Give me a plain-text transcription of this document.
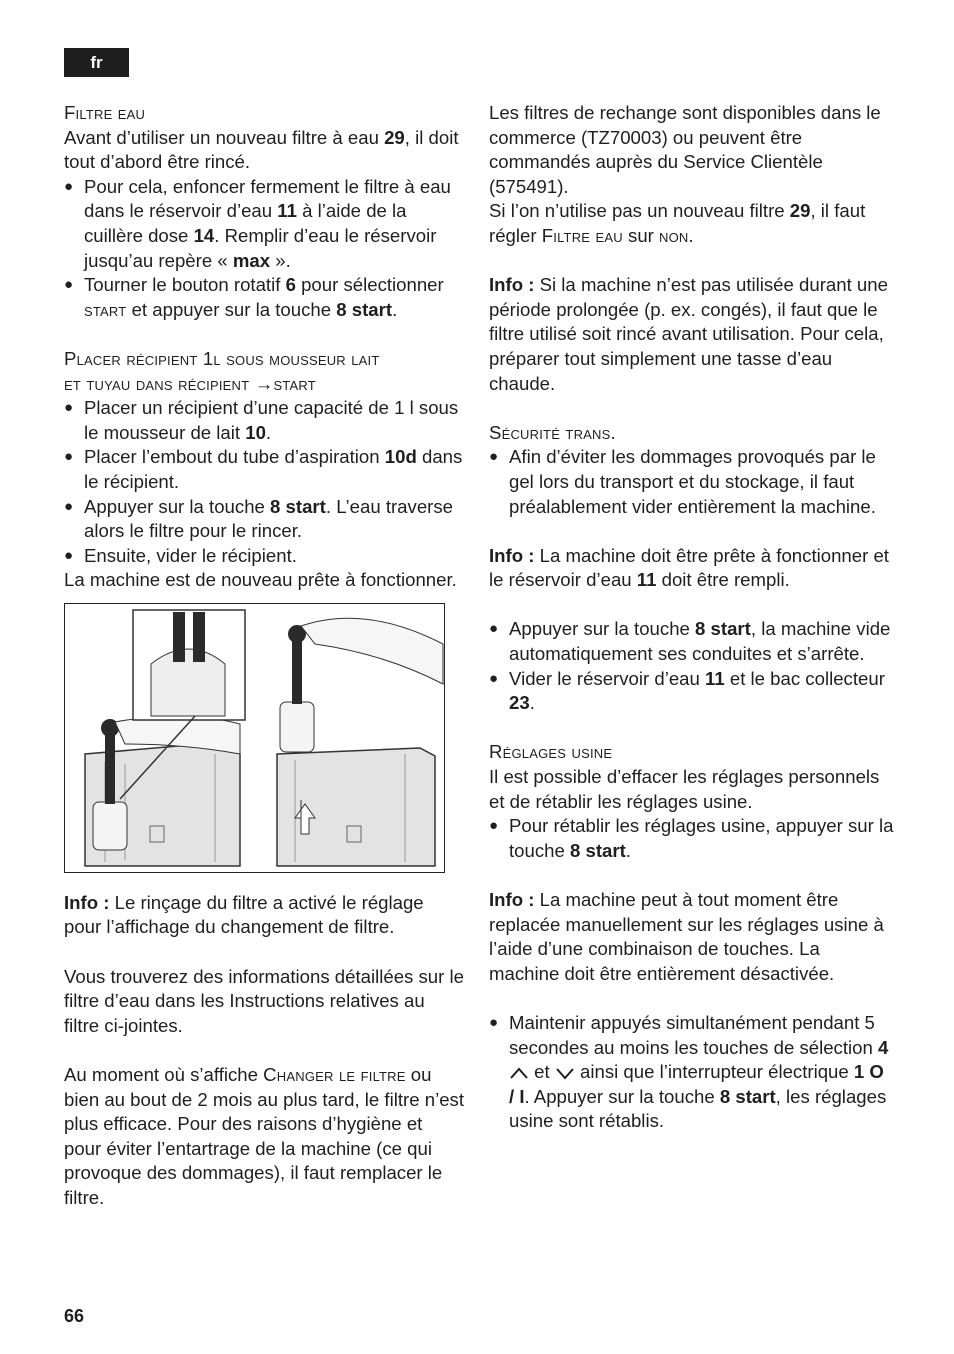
fr

Filtre eau

Avant d’utiliser un nouveau filtre à eau 29, il doit tout d’abord être rincé.

● Pour cela, enfoncer fermement le filtre à eau dans le réservoir d’eau 11 à l’aide de la cuillère dose 14. Remplir d’eau le réservoir jusqu’au repère « max ».
● Tourner le bouton rotatif 6 pour sélectionner start et appuyer sur la touche 8 start.

Placer récipient 1l sous mousseur lait
et tuyau dans récipient →start

● Placer un récipient d’une capacité de 1 l sous le mousseur de lait 10.
● Placer l’embout du tube d’aspiration 10d dans le récipient.
● Appuyer sur la touche 8 start. L’eau traverse alors le filtre pour le rincer.
● Ensuite, vider le récipient.

La machine est de nouveau prête à fonctionner.

Info : Le rinçage du filtre a activé le réglage pour l’affichage du changement de filtre.

Vous trouverez des informations détaillées sur le filtre d’eau dans les Instructions relatives au filtre ci-jointes.

Au moment où s’affiche Changer le filtre ou bien au bout de 2 mois au plus tard, le filtre n’est plus efficace. Pour des raisons d’hygiène et pour éviter l’entartrage de la machine (ce qui provoque des dommages), il faut remplacer le filtre.

Les filtres de rechange sont disponibles dans le commerce (TZ70003) ou peuvent être commandés auprès du Service Clientèle (575491).

Si l’on n’utilise pas un nouveau filtre 29, il faut régler Filtre eau sur non.

Info : Si la machine n’est pas utilisée durant une période prolongée (p. ex. congés), il faut que le filtre utilisé soit rincé avant utilisation. Pour cela, préparer tout simplement une tasse d’eau chaude.

Sécurité trans.

● Afin d’éviter les dommages provoqués par le gel lors du transport et du stockage, il faut préalablement vider entièrement la machine.

Info : La machine doit être prête à fonctionner et le réservoir d’eau 11 doit être rempli.

● Appuyer sur la touche 8 start, la machine vide automatiquement ses conduites et s’arrête.
● Vider le réservoir d’eau 11 et le bac collecteur 23.

Réglages usine

Il est possible d’effacer les réglages personnels et de rétablir les réglages usine.

● Pour rétablir les réglages usine, appuyer sur la touche 8 start.

Info : La machine peut à tout moment être replacée manuellement sur les réglages usine à l’aide d’une combinaison de touches. La machine doit être entièrement désactivée.

● Maintenir appuyés simultanément pendant 5 secondes au moins les touches de sélection 4  et  ainsi que l’interrupteur électrique 1 O / I. Appuyer sur la touche 8 start, les réglages usine sont rétablis.
66
